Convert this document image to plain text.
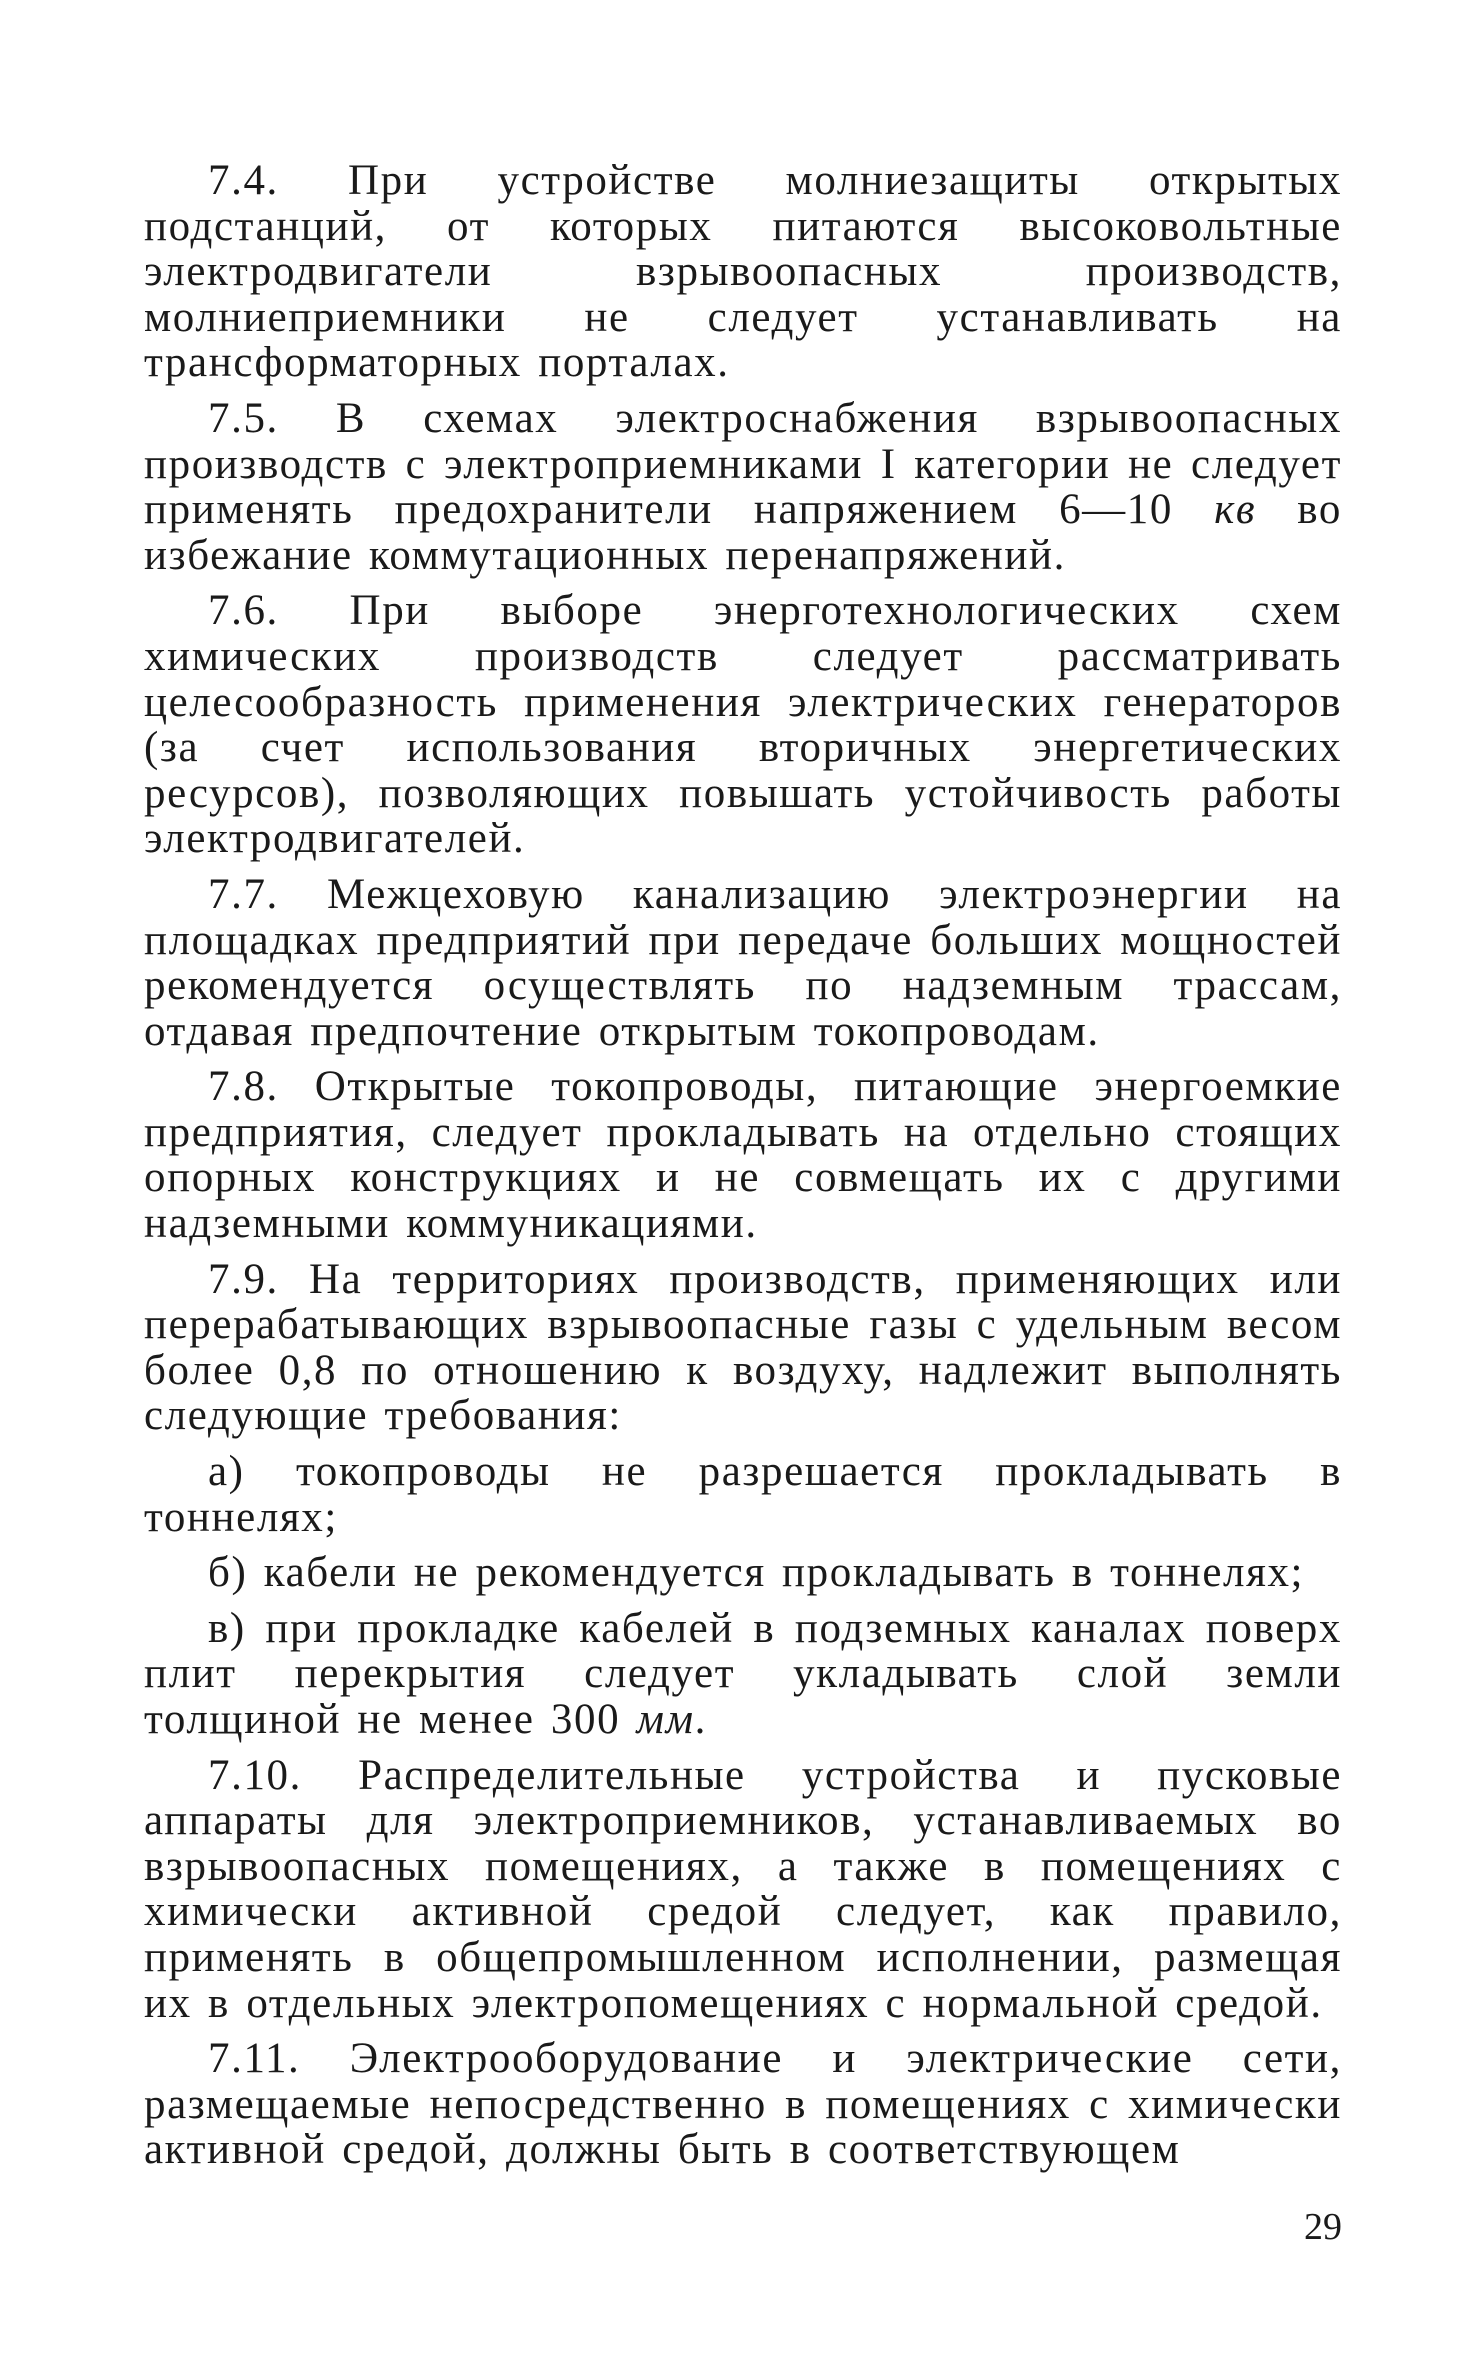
7.4. При устройстве молниезащиты открытых подстанций, от которых питаются высоковольтные электродвигатели взрывоопасных производств, молниеприемники не следует устанавливать на трансформаторных порталах.

7.5. В схемах электроснабжения взрывоопасных производств с электроприемниками I категории не следует применять предохранители напряжением 6—10 кв во избежание коммутационных перенапряжений.

7.6. При выборе энерготехнологических схем химических производств следует рассматривать целесообразность применения электрических генераторов (за счет использования вторичных энергетических ресурсов), позволяющих повышать устойчивость работы электродвигателей.

7.7. Межцеховую канализацию электроэнергии на площадках предприятий при передаче больших мощностей рекомендуется осуществлять по надземным трассам, отдавая предпочтение открытым токопроводам.

7.8. Открытые токопроводы, питающие энергоемкие предприятия, следует прокладывать на отдельно стоящих опорных конструкциях и не совмещать их с другими надземными коммуникациями.

7.9. На территориях производств, применяющих или перерабатывающих взрывоопасные газы с удельным весом более 0,8 по отношению к воздуху, надлежит выполнять следующие требования:

а) токопроводы не разрешается прокладывать в тоннелях;

б) кабели не рекомендуется прокладывать в тоннелях;

в) при прокладке кабелей в подземных каналах поверх плит перекрытия следует укладывать слой земли толщиной не менее 300 мм.

7.10. Распределительные устройства и пусковые аппараты для электроприемников, устанавливаемых во взрывоопасных помещениях, а также в помещениях с химически активной средой следует, как правило, применять в общепромышленном исполнении, размещая их в отдельных электропомещениях с нормальной средой.

7.11. Электрооборудование и электрические сети, размещаемые непосредственно в помещениях с химически активной средой, должны быть в соответствующем

29
